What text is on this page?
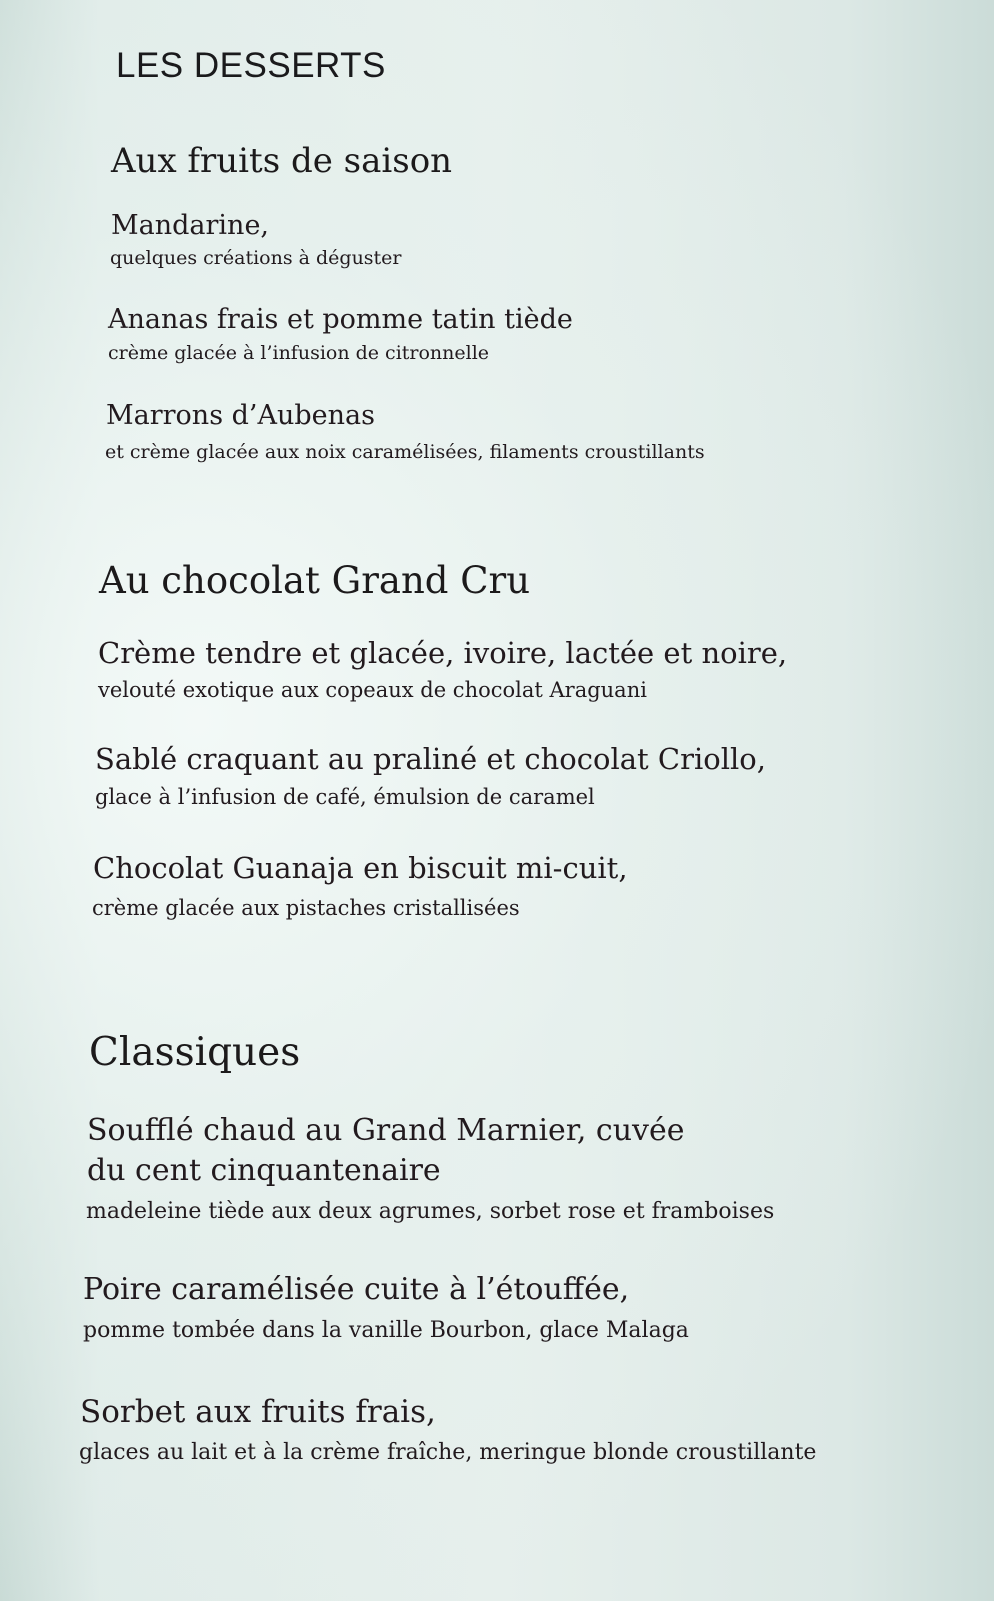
LES DESSERTS
Aux fruits de saison
Mandarine,
quelques créations à déguster
Ananas frais et pomme tatin tiède
crème glacée à l’infusion de citronnelle
Marrons d’Aubenas
et crème glacée aux noix caramélisées, filaments croustillants
Au chocolat Grand Cru
Crème tendre et glacée, ivoire, lactée et noire,
velouté exotique aux copeaux de chocolat Araguani
Sablé craquant au praliné et chocolat Criollo,
glace à l’infusion de café, émulsion de caramel
Chocolat Guanaja en biscuit mi-cuit,
crème glacée aux pistaches cristallisées
Classiques
Soufflé chaud au Grand Marnier, cuvée
du cent cinquantenaire
madeleine tiède aux deux agrumes, sorbet rose et framboises
Poire caramélisée cuite à l’étouffée,
pomme tombée dans la vanille Bourbon, glace Malaga
Sorbet aux fruits frais,
glaces au lait et à la crème fraîche, meringue blonde croustillante
